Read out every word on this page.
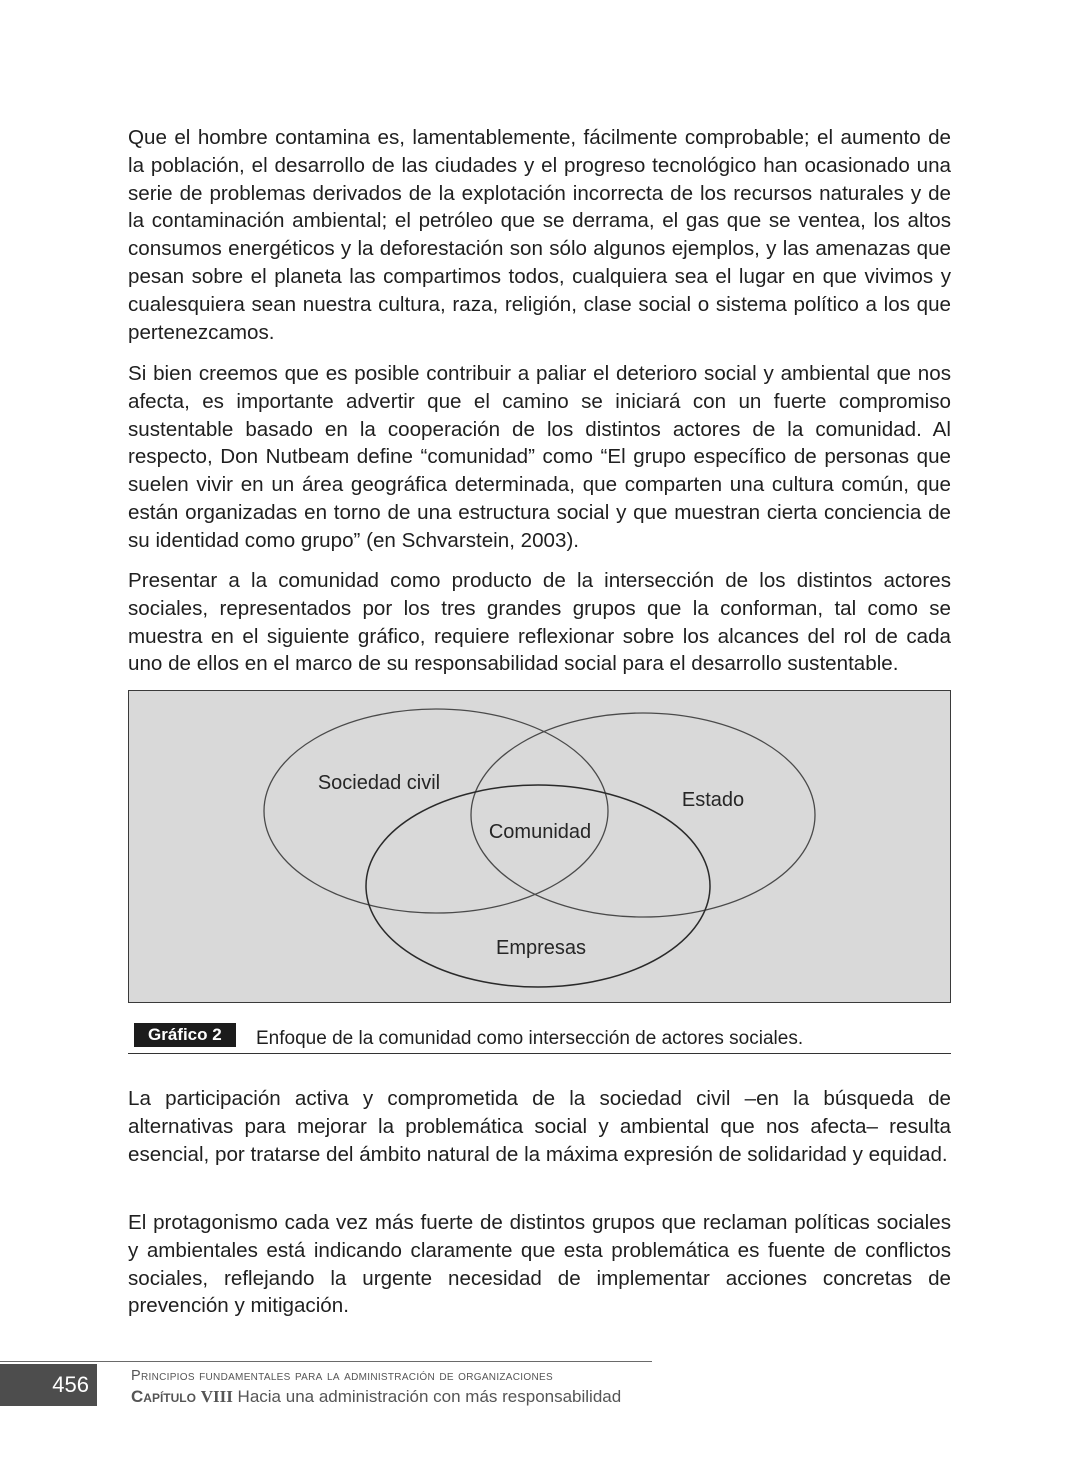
Que el hombre contamina es, lamentablemente, fácilmente comprobable; el aumento de la población, el desarrollo de las ciudades y el progreso tecnológico han ocasionado una serie de problemas derivados de la explotación incorrecta de los recursos naturales y de la contaminación ambiental; el petróleo que se derrama, el gas que se ventea, los altos consumos energéticos y la deforestación son sólo algunos ejemplos, y las amenazas que pesan sobre el planeta las compartimos todos, cualquiera sea el lugar en que vivimos y cualesquiera sean nuestra cultura, raza, religión, clase social o sistema político a los que pertenezcamos.

Si bien creemos que es posible contribuir a paliar el deterioro social y ambiental que nos afecta, es importante advertir que el camino se iniciará con un fuerte compromiso sustentable basado en la cooperación de los distintos actores de la comunidad. Al respecto, Don Nutbeam define “comunidad” como “El grupo específico de personas que suelen vivir en un área geográfica determinada, que comparten una cultura común, que están organizadas en torno de una estructura social y que muestran cierta conciencia de su identidad como grupo” (en Schvarstein, 2003).

Presentar a la comunidad como producto de la intersección de los distintos actores sociales, representados por los tres grandes grupos que la conforman, tal como se muestra en el siguiente gráfico, requiere reflexionar sobre los alcances del rol de cada uno de ellos en el marco de su responsabilidad social para el desarrollo sustentable.

Sociedad civil
Estado
Comunidad
Empresas
Gráfico 2	Enfoque de la comunidad como intersección de actores sociales.

La participación activa y comprometida de la sociedad civil –en la búsqueda de alternativas para mejorar la problemática social y ambiental que nos afecta– resulta esencial, por tratarse del ámbito natural de la máxima expresión de solidaridad y equidad.

El protagonismo cada vez más fuerte de distintos grupos que reclaman políticas sociales y ambientales está indicando claramente que esta problemática es fuente de conflictos sociales, reflejando la urgente necesidad de implementar acciones concretas de prevención y mitigación.

456	Principios fundamentales para la administración de organizaciones
Capítulo VIII Hacia una administración con más responsabilidad
